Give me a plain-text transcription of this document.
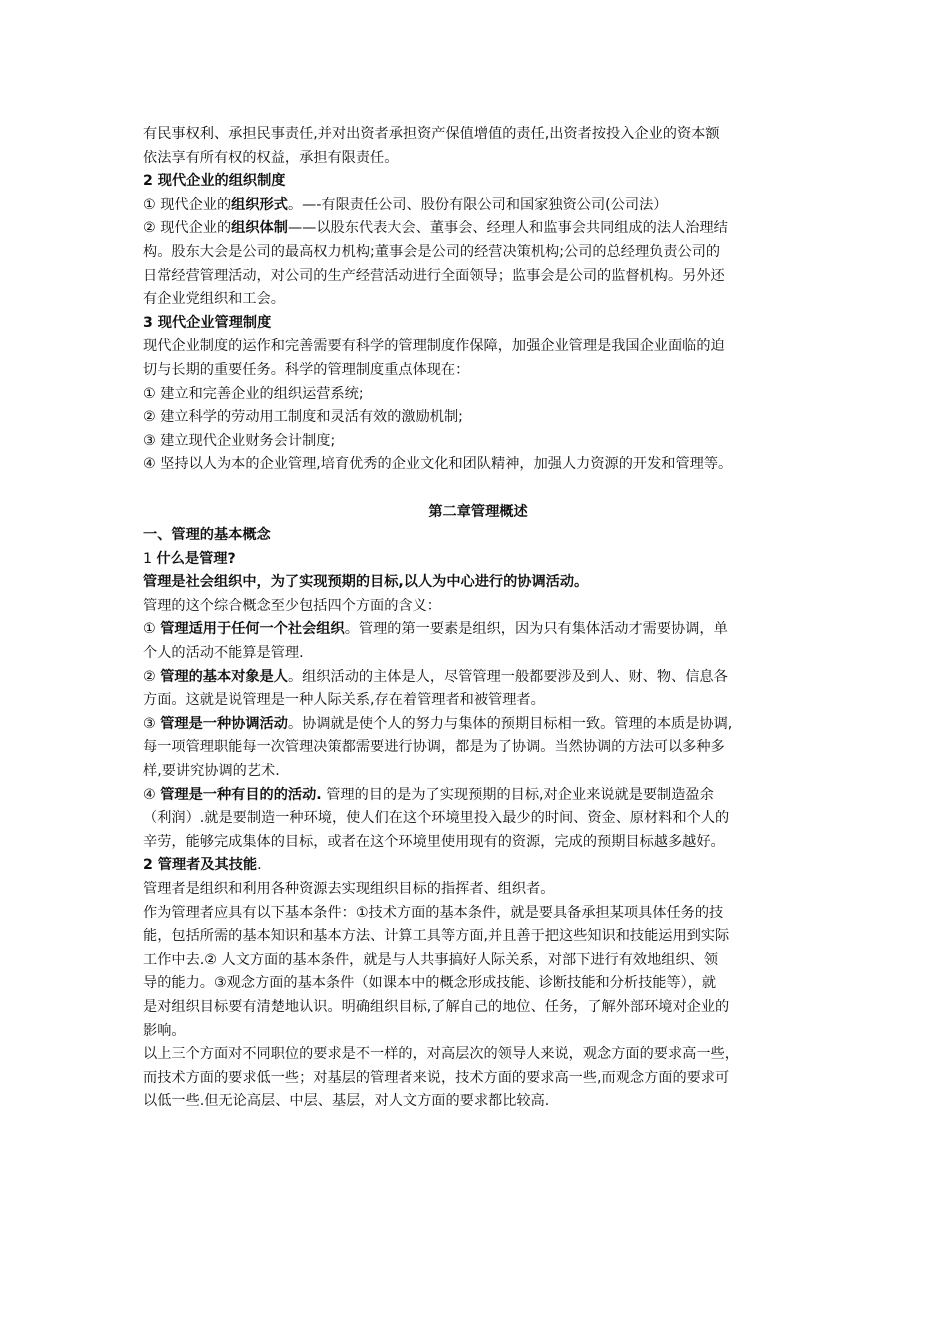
有民事权利、承担民事责任,并对出资者承担资产保值增值的责任,出资者按投入企业的资本额
依法享有所有权的权益，承担有限责任。
2 现代企业的组织制度
① 现代企业的组织形式。—-有限责任公司、股份有限公司和国家独资公司(公司法）
② 现代企业的组织体制——以股东代表大会、董事会、经理人和监事会共同组成的法人治理结
构。股东大会是公司的最高权力机构;董事会是公司的经营决策机构;公司的总经理负责公司的
日常经营管理活动，对公司的生产经营活动进行全面领导；监事会是公司的监督机构。另外还
有企业党组织和工会。
3 现代企业管理制度
现代企业制度的运作和完善需要有科学的管理制度作保障，加强企业管理是我国企业面临的迫
切与长期的重要任务。科学的管理制度重点体现在：
① 建立和完善企业的组织运营系统;
② 建立科学的劳动用工制度和灵活有效的激励机制;
③ 建立现代企业财务会计制度;
④ 坚持以人为本的企业管理,培育优秀的企业文化和团队精神，加强人力资源的开发和管理等。
第二章管理概述
一、管理的基本概念
1 什么是管理?
管理是社会组织中，为了实现预期的目标,以人为中心进行的协调活动。
管理的这个综合概念至少包括四个方面的含义：
① 管理适用于任何一个社会组织。管理的第一要素是组织，因为只有集体活动才需要协调，单
个人的活动不能算是管理.
② 管理的基本对象是人。组织活动的主体是人，尽管管理一般都要涉及到人、财、物、信息各
方面。这就是说管理是一种人际关系,存在着管理者和被管理者。
③ 管理是一种协调活动。协调就是使个人的努力与集体的预期目标相一致。管理的本质是协调,
每一项管理职能每一次管理决策都需要进行协调，都是为了协调。当然协调的方法可以多种多
样,要讲究协调的艺术.
④ 管理是一种有目的的活动. 管理的目的是为了实现预期的目标,对企业来说就是要制造盈余
（利润）.就是要制造一种环境，使人们在这个环境里投入最少的时间、资金、原材料和个人的
辛劳，能够完成集体的目标，或者在这个环境里使用现有的资源，完成的预期目标越多越好。
2 管理者及其技能.
管理者是组织和利用各种资源去实现组织目标的指挥者、组织者。
作为管理者应具有以下基本条件：①技术方面的基本条件，就是要具备承担某项具体任务的技
能，包括所需的基本知识和基本方法、计算工具等方面,并且善于把这些知识和技能运用到实际
工作中去.② 人文方面的基本条件，就是与人共事搞好人际关系，对部下进行有效地组织、领
导的能力。③观念方面的基本条件（如课本中的概念形成技能、诊断技能和分析技能等），就
是对组织目标要有清楚地认识。明确组织目标,了解自己的地位、任务，了解外部环境对企业的
影响。
以上三个方面对不同职位的要求是不一样的，对高层次的领导人来说，观念方面的要求高一些，
而技术方面的要求低一些；对基层的管理者来说，技术方面的要求高一些,而观念方面的要求可
以低一些.但无论高层、中层、基层，对人文方面的要求都比较高.
